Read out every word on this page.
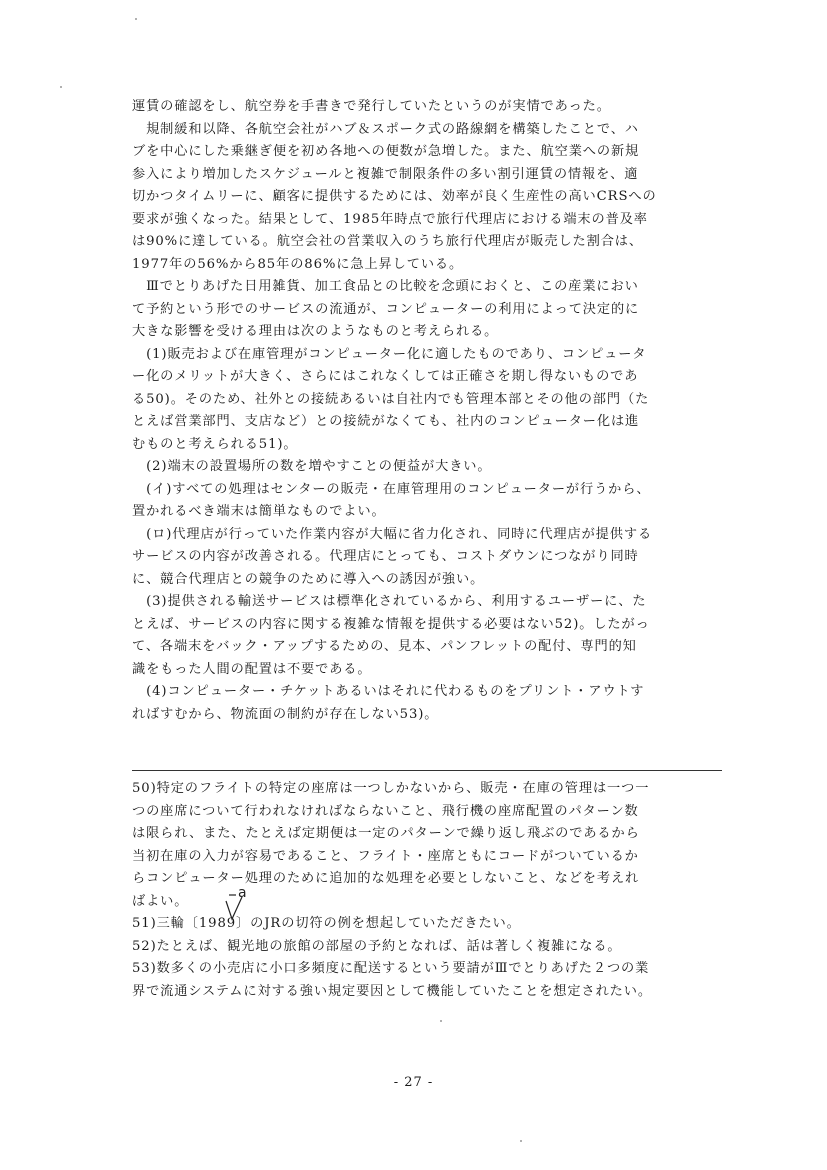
運賃の確認をし、航空券を手書きで発行していたというのが実情であった。
　規制緩和以降、各航空会社がハブ＆スポーク式の路線網を構築したことで、ハ
ブを中心にした乗継ぎ便を初め各地への便数が急増した。また、航空業への新規
参入により増加したスケジュールと複雑で制限条件の多い割引運賃の情報を、適
切かつタイムリーに、顧客に提供するためには、効率が良く生産性の高いCRSへの
要求が強くなった。結果として、1985年時点で旅行代理店における端末の普及率
は90%に達している。航空会社の営業収入のうち旅行代理店が販売した割合は、
1977年の56%から85年の86%に急上昇している。
　Ⅲでとりあげた日用雑貨、加工食品との比較を念頭におくと、この産業におい
て予約という形でのサービスの流通が、コンピューターの利用によって決定的に
大きな影響を受ける理由は次のようなものと考えられる。
　(1)販売および在庫管理がコンピューター化に適したものであり、コンピュータ
ー化のメリットが大きく、さらにはこれなくしては正確さを期し得ないものであ
る50)。そのため、社外との接続あるいは自社内でも管理本部とその他の部門（た
とえば営業部門、支店など）との接続がなくても、社内のコンピューター化は進
むものと考えられる51)。
　(2)端末の設置場所の数を増やすことの便益が大きい。
　(イ)すべての処理はセンターの販売・在庫管理用のコンピューターが行うから、
置かれるべき端末は簡単なものでよい。
　(ロ)代理店が行っていた作業内容が大幅に省力化され、同時に代理店が提供する
サービスの内容が改善される。代理店にとっても、コストダウンにつながり同時
に、競合代理店との競争のために導入への誘因が強い。
　(3)提供される輸送サービスは標準化されているから、利用するユーザーに、た
とえば、サービスの内容に関する複雑な情報を提供する必要はない52)。したがっ
て、各端末をバック・アップするための、見本、パンフレットの配付、専門的知
識をもった人間の配置は不要である。
　(4)コンピューター・チケットあるいはそれに代わるものをプリント・アウトす
ればすむから、物流面の制約が存在しない53)。
50)特定のフライトの特定の座席は一つしかないから、販売・在庫の管理は一つ一
つの座席について行われなければならないこと、飛行機の座席配置のパターン数
は限られ、また、たとえば定期便は一定のパターンで繰り返し飛ぶのであるから
当初在庫の入力が容易であること、フライト・座席ともにコードがついているか
らコンピューター処理のために追加的な処理を必要としないこと、などを考えれ
ばよい。
51)三輪〔1989〕のJRの切符の例を想起していただきたい。
52)たとえば、観光地の旅館の部屋の予約となれば、話は著しく複雑になる。
53)数多くの小売店に小口多頻度に配送するという要請がⅢでとりあげた２つの業
界で流通システムに対する強い規定要因として機能していたことを想定されたい。
a
- 27 -
